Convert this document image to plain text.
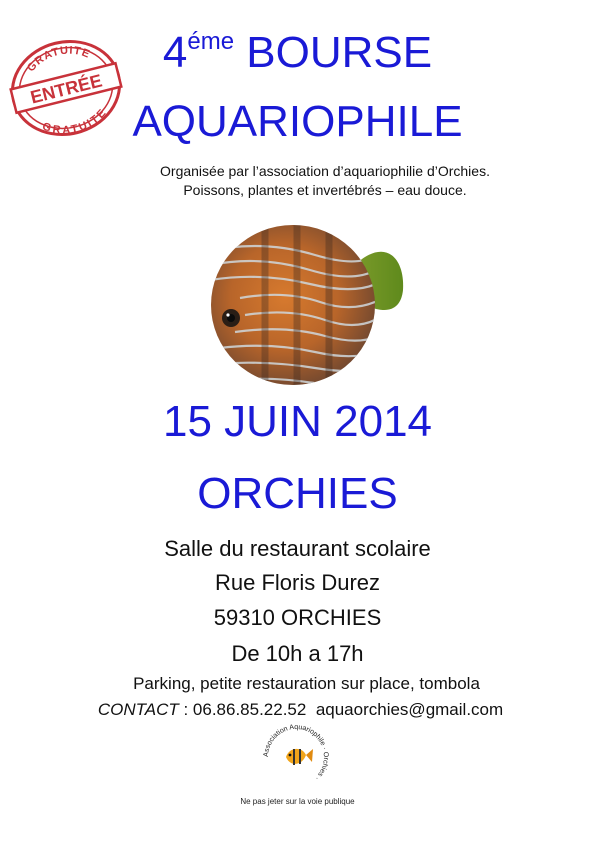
GRATUITE
ENTRÉE
GRATUITE
$4^{éme}$ BOURSE
AQUARIOPHILE
Organisée par l’association d’aquariophilie d’Orchies.
Poissons, plantes et invertébrés – eau douce.
15 JUIN 2014
ORCHIES
Salle du restaurant scolaire
Rue Floris Durez
59310 ORCHIES
De 10h a 17h
Parking, petite restauration sur place, tombola
CONTACT : 06.86.85.22.52 aquaorchies@gmail.com
Association Aquariophile · Orchies ·
Ne pas jeter sur la voie publique
